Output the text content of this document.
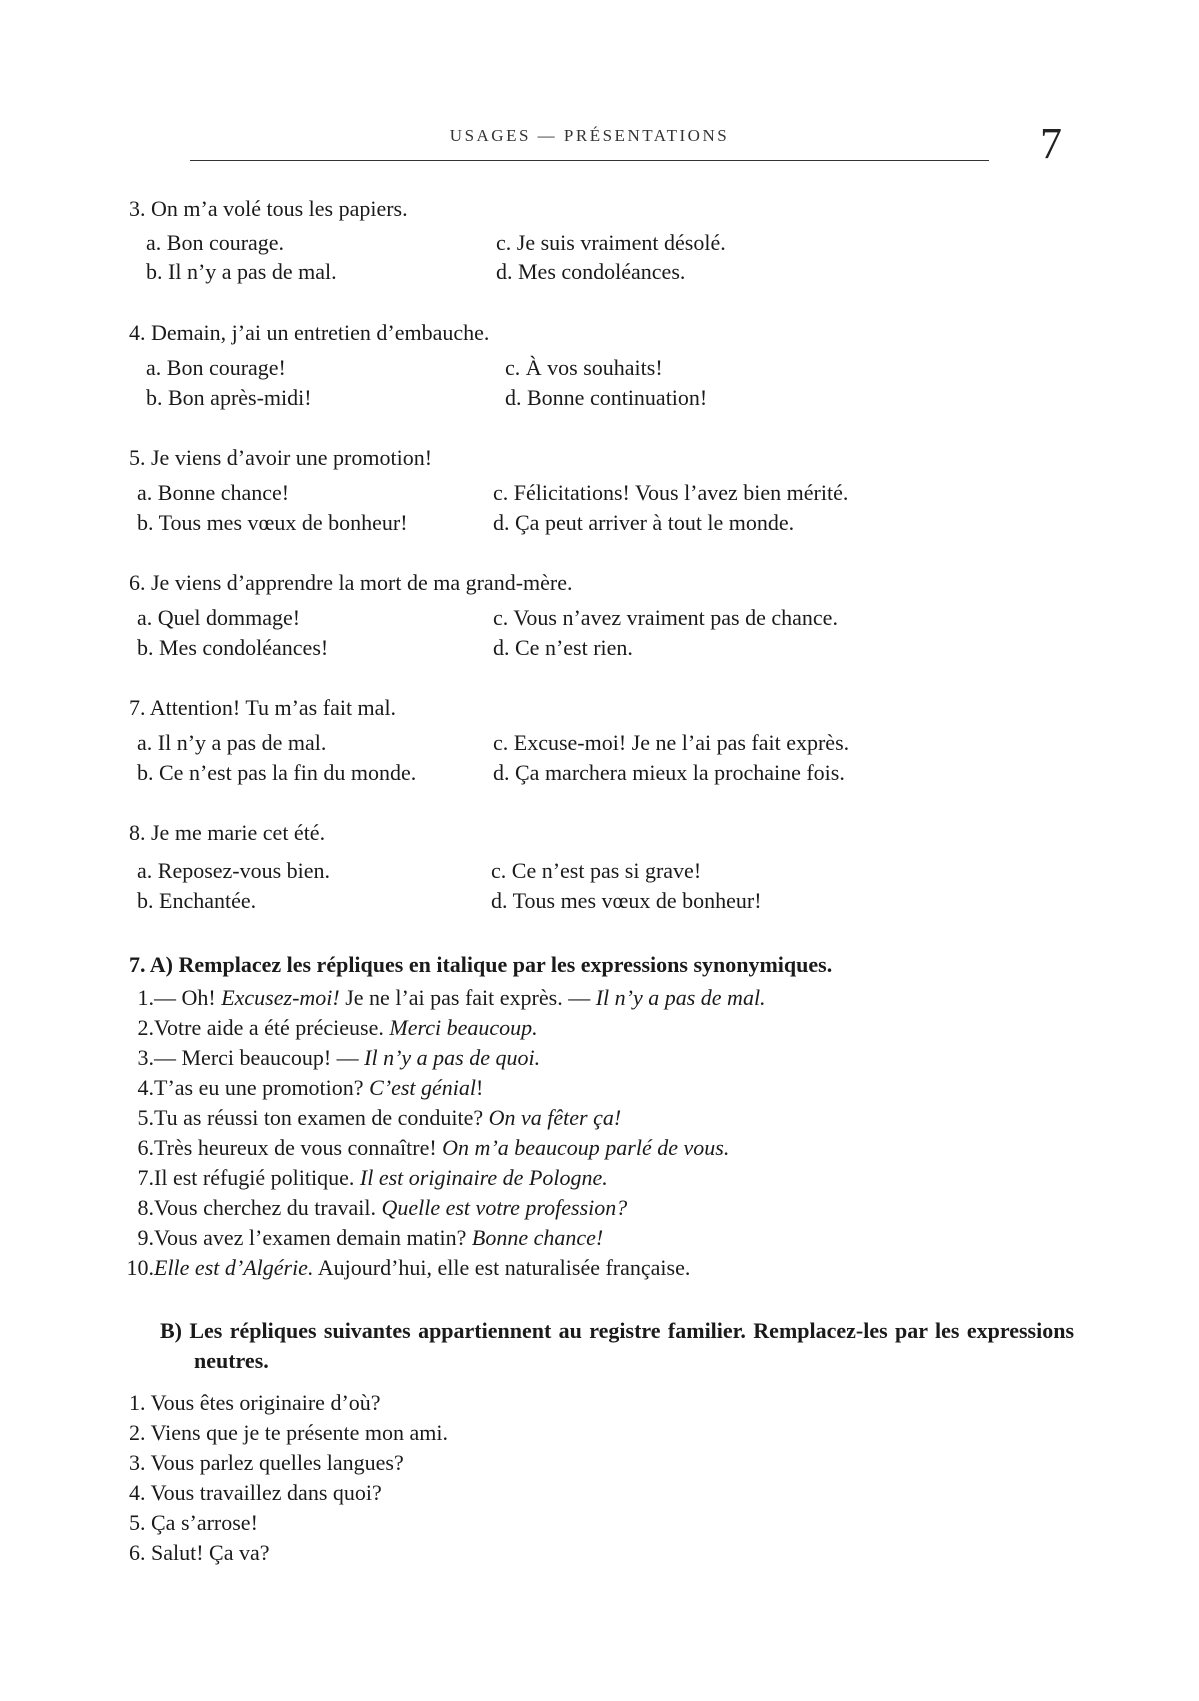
USAGES — PRÉSENTATIONS	7
3. On m’a volé tous les papiers.
a. Bon courage.
b. Il n’y a pas de mal.
c. Je suis vraiment désolé.
d. Mes condoléances.
4. Demain, j’ai un entretien d’embauche.
a. Bon courage!
b. Bon après-midi!
c. À vos souhaits!
d. Bonne continuation!
5. Je viens d’avoir une promotion!
a. Bonne chance!
b. Tous mes vœux de bonheur!
c. Félicitations! Vous l’avez bien mérité.
d. Ça peut arriver à tout le monde.
6. Je viens d’apprendre la mort de ma grand-mère.
a. Quel dommage!
b. Mes condoléances!
c. Vous n’avez vraiment pas de chance.
d. Ce n’est rien.
7. Attention! Tu m’as fait mal.
a. Il n’y a pas de mal.
b. Ce n’est pas la fin du monde.
c. Excuse-moi! Je ne l’ai pas fait exprès.
d. Ça marchera mieux la prochaine fois.
8. Je me marie cet été.
a. Reposez-vous bien.
b. Enchantée.
c. Ce n’est pas si grave!
d. Tous mes vœux de bonheur!
7. A) Remplacez les répliques en italique par les expressions synonymiques.
1. — Oh! Excusez-moi! Je ne l’ai pas fait exprès. — Il n’y a pas de mal.
2. Votre aide a été précieuse. Merci beaucoup.
3. — Merci beaucoup! — Il n’y a pas de quoi.
4. T’as eu une promotion? C’est génial!
5. Tu as réussi ton examen de conduite? On va fêter ça!
6. Très heureux de vous connaître! On m’a beaucoup parlé de vous.
7. Il est réfugié politique. Il est originaire de Pologne.
8. Vous cherchez du travail. Quelle est votre profession?
9. Vous avez l’examen demain matin? Bonne chance!
10. Elle est d’Algérie. Aujourd’hui, elle est naturalisée française.
B) Les répliques suivantes appartiennent au registre familier. Remplacez-les par les expressions neutres.
1. Vous êtes originaire d’où?
2. Viens que je te présente mon ami.
3. Vous parlez quelles langues?
4. Vous travaillez dans quoi?
5. Ça s’arrose!
6. Salut! Ça va?
